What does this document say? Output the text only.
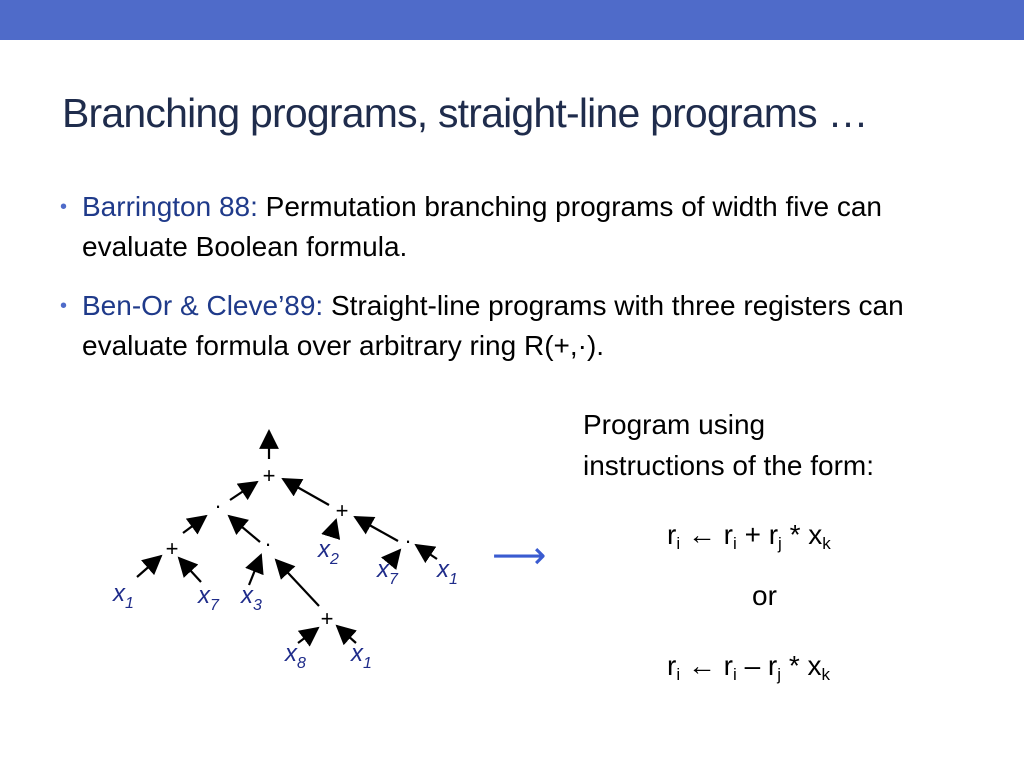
Branching programs, straight-line programs …
• Barrington 88: Permutation branching programs of width five can evaluate Boolean formula.
• Ben-Or & Cleve’89: Straight-line programs with three registers can evaluate formula over arbitrary ring R(+,·).
+
·	+
+	·	·
+
$x_1$	$x_7$ $x_3$
$x_2$ $x_7$ $x_1$
$x_8$ $x_1$
⟶
Program using
instructions of the form:
$r_i$ ← $r_i + r_j * x_k$
or
$r_i$ ← $r_i - r_j * x_k$
